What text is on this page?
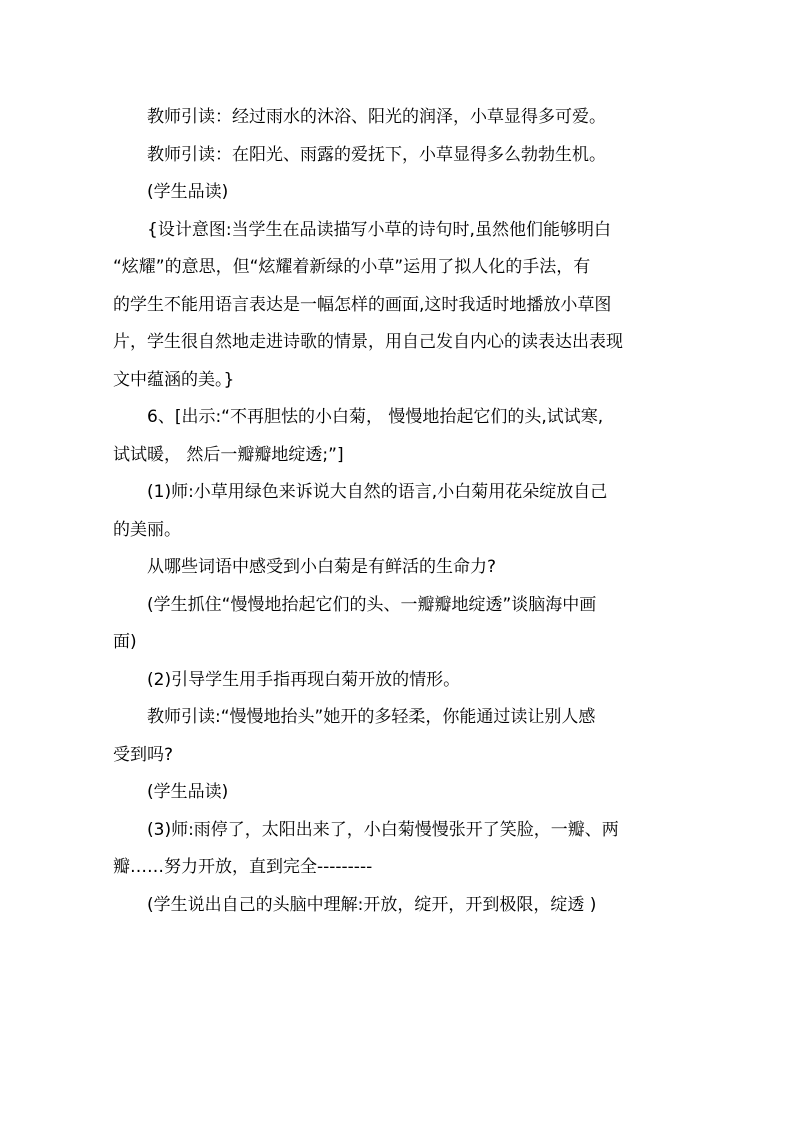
教师引读：经过雨水的沐浴、阳光的润泽，小草显得多可爱。
教师引读：在阳光、雨露的爱抚下，小草显得多么勃勃生机。
(学生品读)
{设计意图:当学生在品读描写小草的诗句时,虽然他们能够明白
“炫耀”的意思，但“炫耀着新绿的小草”运用了拟人化的手法，有
的学生不能用语言表达是一幅怎样的画面,这时我适时地播放小草图
片，学生很自然地走进诗歌的情景，用自己发自内心的读表达出表现
文中蕴涵的美。}
6、[出示:“不再胆怯的小白菊， 慢慢地抬起它们的头,试试寒,
试试暖， 然后一瓣瓣地绽透;”]
(1)师:小草用绿色来诉说大自然的语言,小白菊用花朵绽放自己
的美丽。
从哪些词语中感受到小白菊是有鲜活的生命力?
(学生抓住“慢慢地抬起它们的头、一瓣瓣地绽透”谈脑海中画
面)
(2)引导学生用手指再现白菊开放的情形。
教师引读:“慢慢地抬头”她开的多轻柔，你能通过读让别人感
受到吗?
(学生品读)
(3)师:雨停了，太阳出来了，小白菊慢慢张开了笑脸，一瓣、两
瓣……努力开放，直到完全---------
(学生说出自己的头脑中理解:开放，绽开，开到极限，绽透 )
